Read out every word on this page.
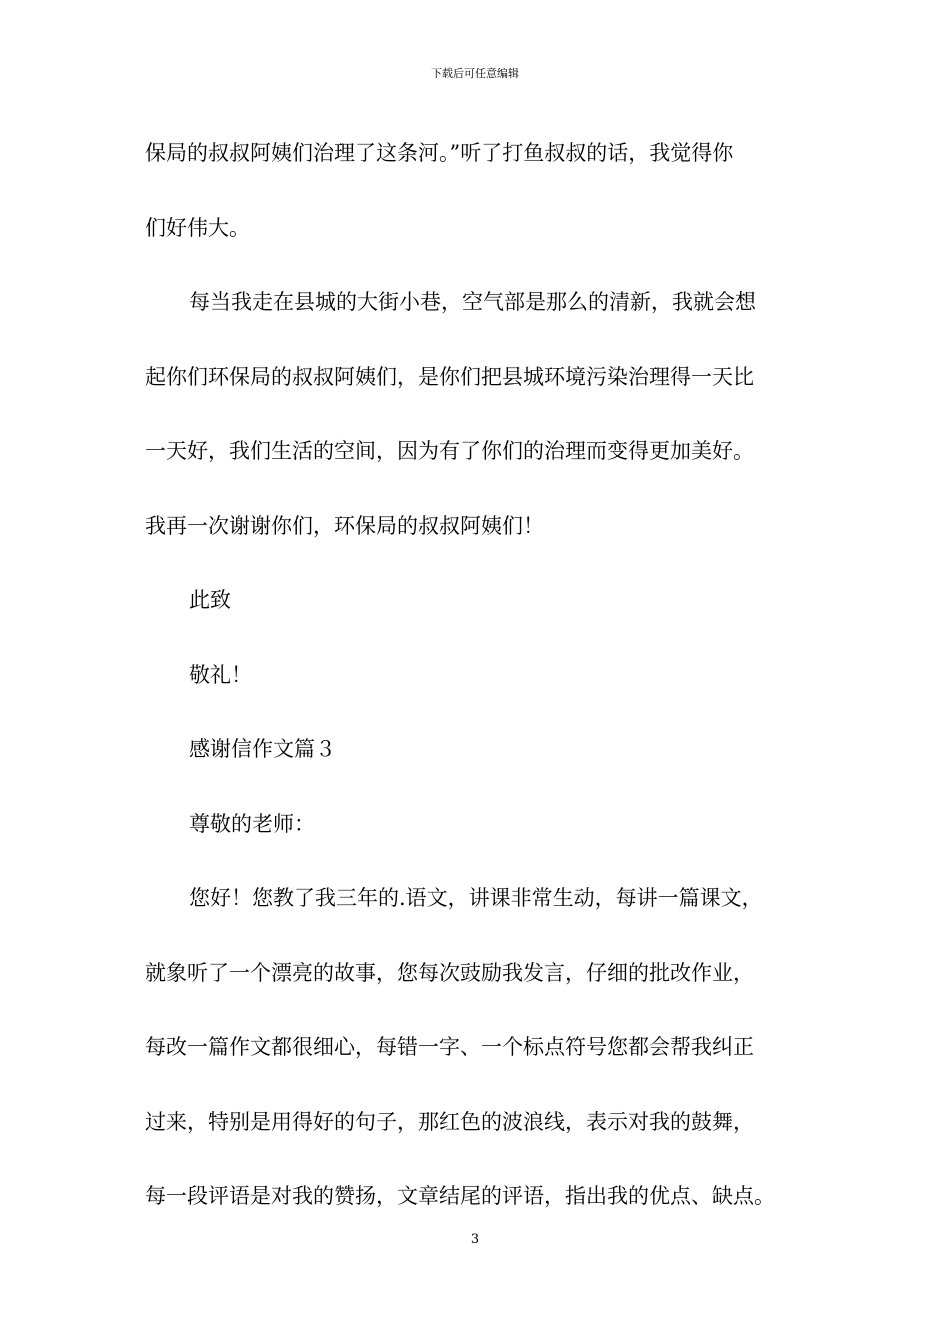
下载后可任意编辑
保局的叔叔阿姨们治理了这条河。”听了打鱼叔叔的话，我觉得你
们好伟大。
每当我走在县城的大街小巷，空气部是那么的清新，我就会想
起你们环保局的叔叔阿姨们，是你们把县城环境污染治理得一天比
一天好，我们生活的空间，因为有了你们的治理而变得更加美好。
我再一次谢谢你们，环保局的叔叔阿姨们！
此致
敬礼！
感谢信作文篇３
尊敬的老师：
您好！您教了我三年的.语文，讲课非常生动，每讲一篇课文，
就象听了一个漂亮的故事，您每次豉励我发言，仔细的批改作业，
每改一篇作文都很细心，每错一字、一个标点符号您都会帮我纠正
过来，特别是用得好的句子，那红色的波浪线，表示对我的鼓舞，
每一段评语是对我的赞扬，文章结尾的评语，指出我的优点、缺点。
3
